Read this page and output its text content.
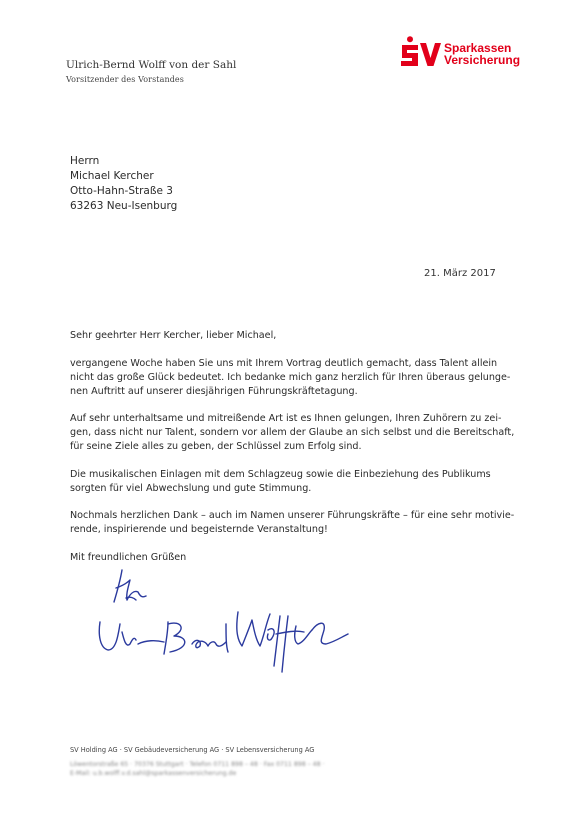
Ulrich-Bernd Wolff von der Sahl
Vorsitzender des Vorstandes
Sparkassen
Versicherung
Herrn
Michael Kercher
Otto-Hahn-Straße 3
63263 Neu-Isenburg
21. März 2017

Sehr geehrter Herr Kercher, lieber Michael,

vergangene Woche haben Sie uns mit Ihrem Vortrag deutlich gemacht, dass Talent allein
nicht das große Glück bedeutet. Ich bedanke mich ganz herzlich für Ihren überaus gelunge-
nen Auftritt auf unserer diesjährigen Führungskräftetagung.

Auf sehr unterhaltsame und mitreißende Art ist es Ihnen gelungen, Ihren Zuhörern zu zei-
gen, dass nicht nur Talent, sondern vor allem der Glaube an sich selbst und die Bereitschaft,
für seine Ziele alles zu geben, der Schlüssel zum Erfolg sind.

Die musikalischen Einlagen mit dem Schlagzeug sowie die Einbeziehung des Publikums
sorgten für viel Abwechslung und gute Stimmung.

Nochmals herzlichen Dank – auch im Namen unserer Führungskräfte – für eine sehr motivie-
rende, inspirierende und begeisternde Veranstaltung!

Mit freundlichen Grüßen

SV Holding AG · SV Gebäudeversicherung AG · SV Lebensversicherung AG
Löwentorstraße 65 · 70376 Stuttgart · Telefon 0711 898 – 48 · Fax 0711 898 – 48 ·
E-Mail: u.b.wolff.v.d.sahl@sparkassenversicherung.de
